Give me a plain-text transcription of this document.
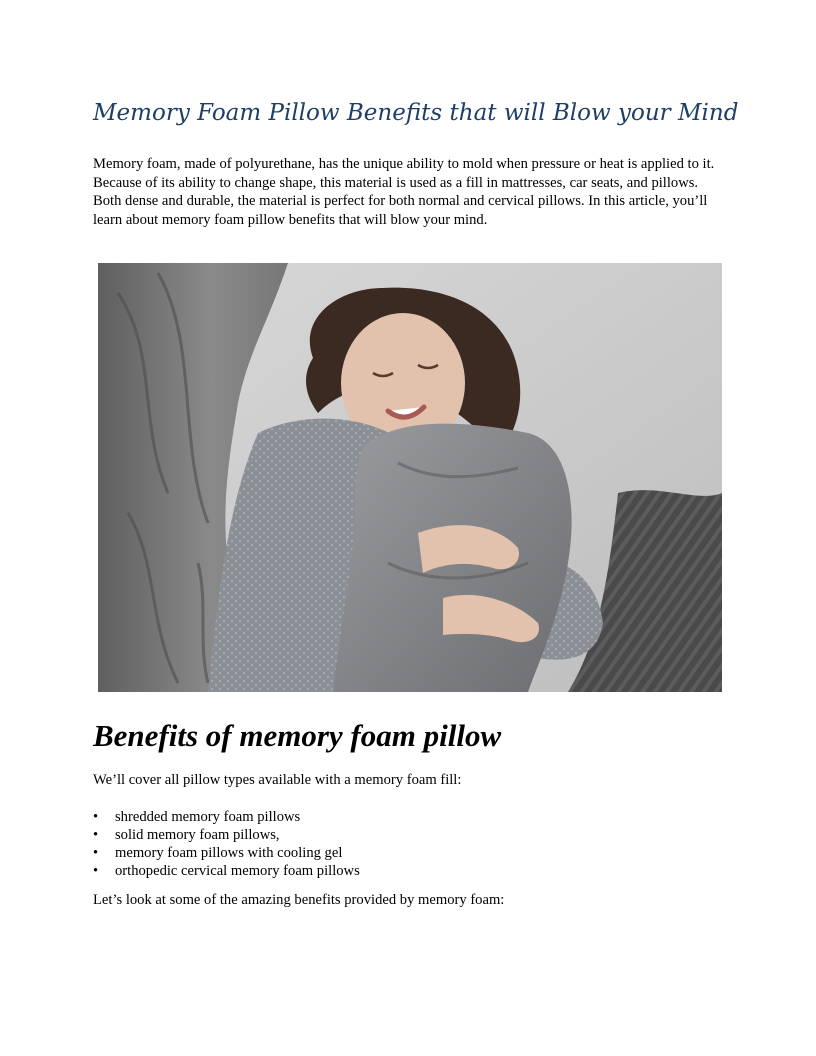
Memory Foam Pillow Benefits that will Blow your Mind

Memory foam, made of polyurethane, has the unique ability to mold when pressure or heat is applied to it. Because of its ability to change shape, this material is used as a fill in mattresses, car seats, and pillows. Both dense and durable, the material is perfect for both normal and cervical pillows. In this article, you’ll learn about memory foam pillow benefits that will blow your mind.

Benefits of memory foam pillow

We’ll cover all pillow types available with a memory foam fill:

• shredded memory foam pillows
• solid memory foam pillows,
• memory foam pillows with cooling gel
• orthopedic cervical memory foam pillows

Let’s look at some of the amazing benefits provided by memory foam:
